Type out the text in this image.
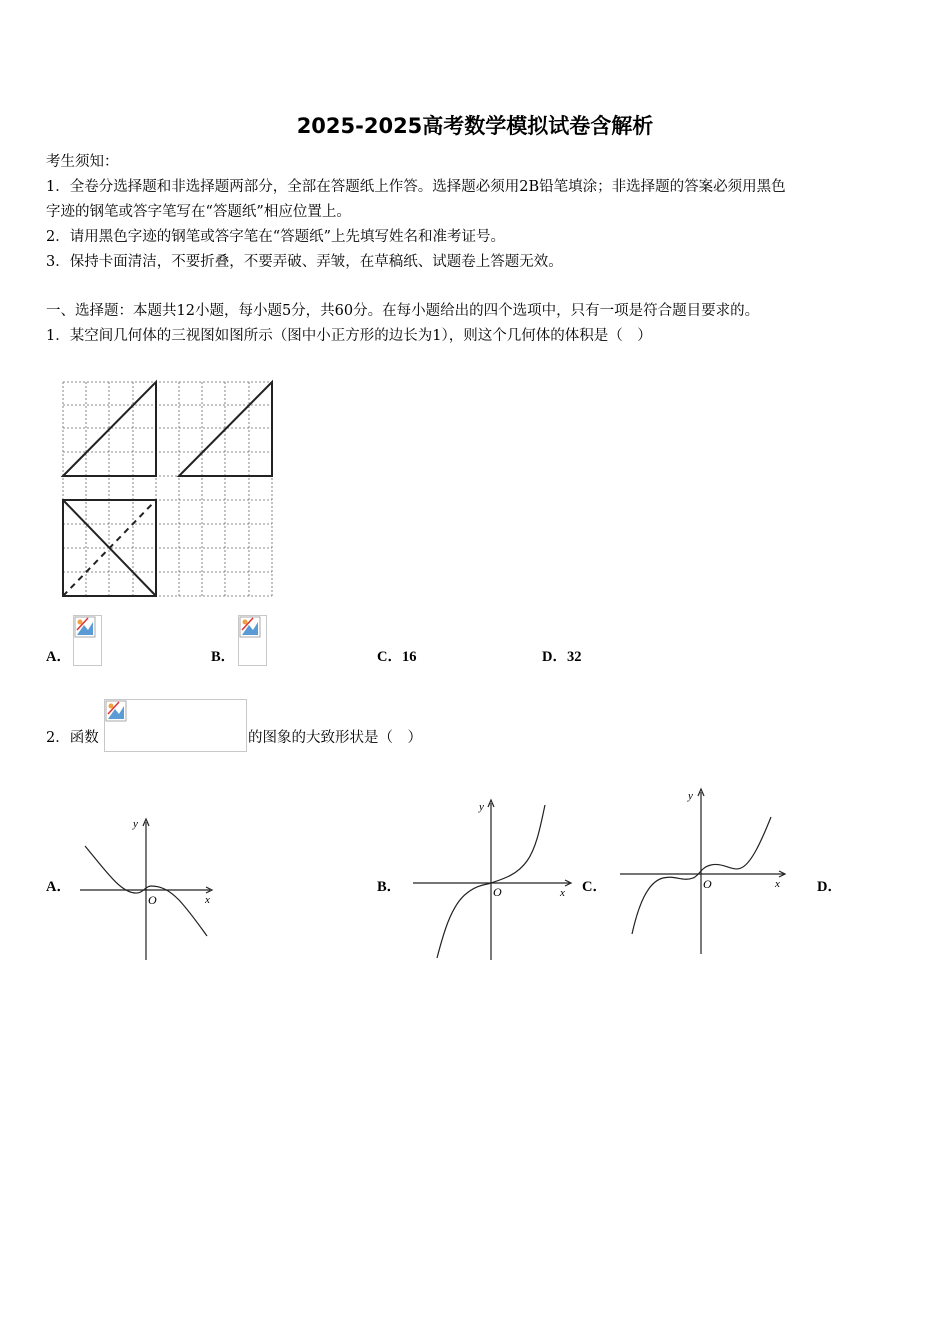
2025-2025高考数学模拟试卷含解析
考生须知：
1．全卷分选择题和非选择题两部分，全部在答题纸上作答。选择题必须用2B铅笔填涂；非选择题的答案必须用黑色
字迹的钢笔或答字笔写在“答题纸”相应位置上。
2．请用黑色字迹的钢笔或答字笔在“答题纸”上先填写姓名和准考证号。
3．保持卡面清洁，不要折叠，不要弄破、弄皱，在草稿纸、试题卷上答题无效。
一、选择题：本题共12小题，每小题5分，共60分。在每小题给出的四个选项中，只有一项是符合题目要求的。
1．某空间几何体的三视图如图所示（图中小正方形的边长为1），则这个几何体的体积是（　）
A．	B．	C．16	D．32
2．函数	的图象的大致形状是（　）
A．
y
x
O
B．
y
x
O	C．
y
x
O	D．
